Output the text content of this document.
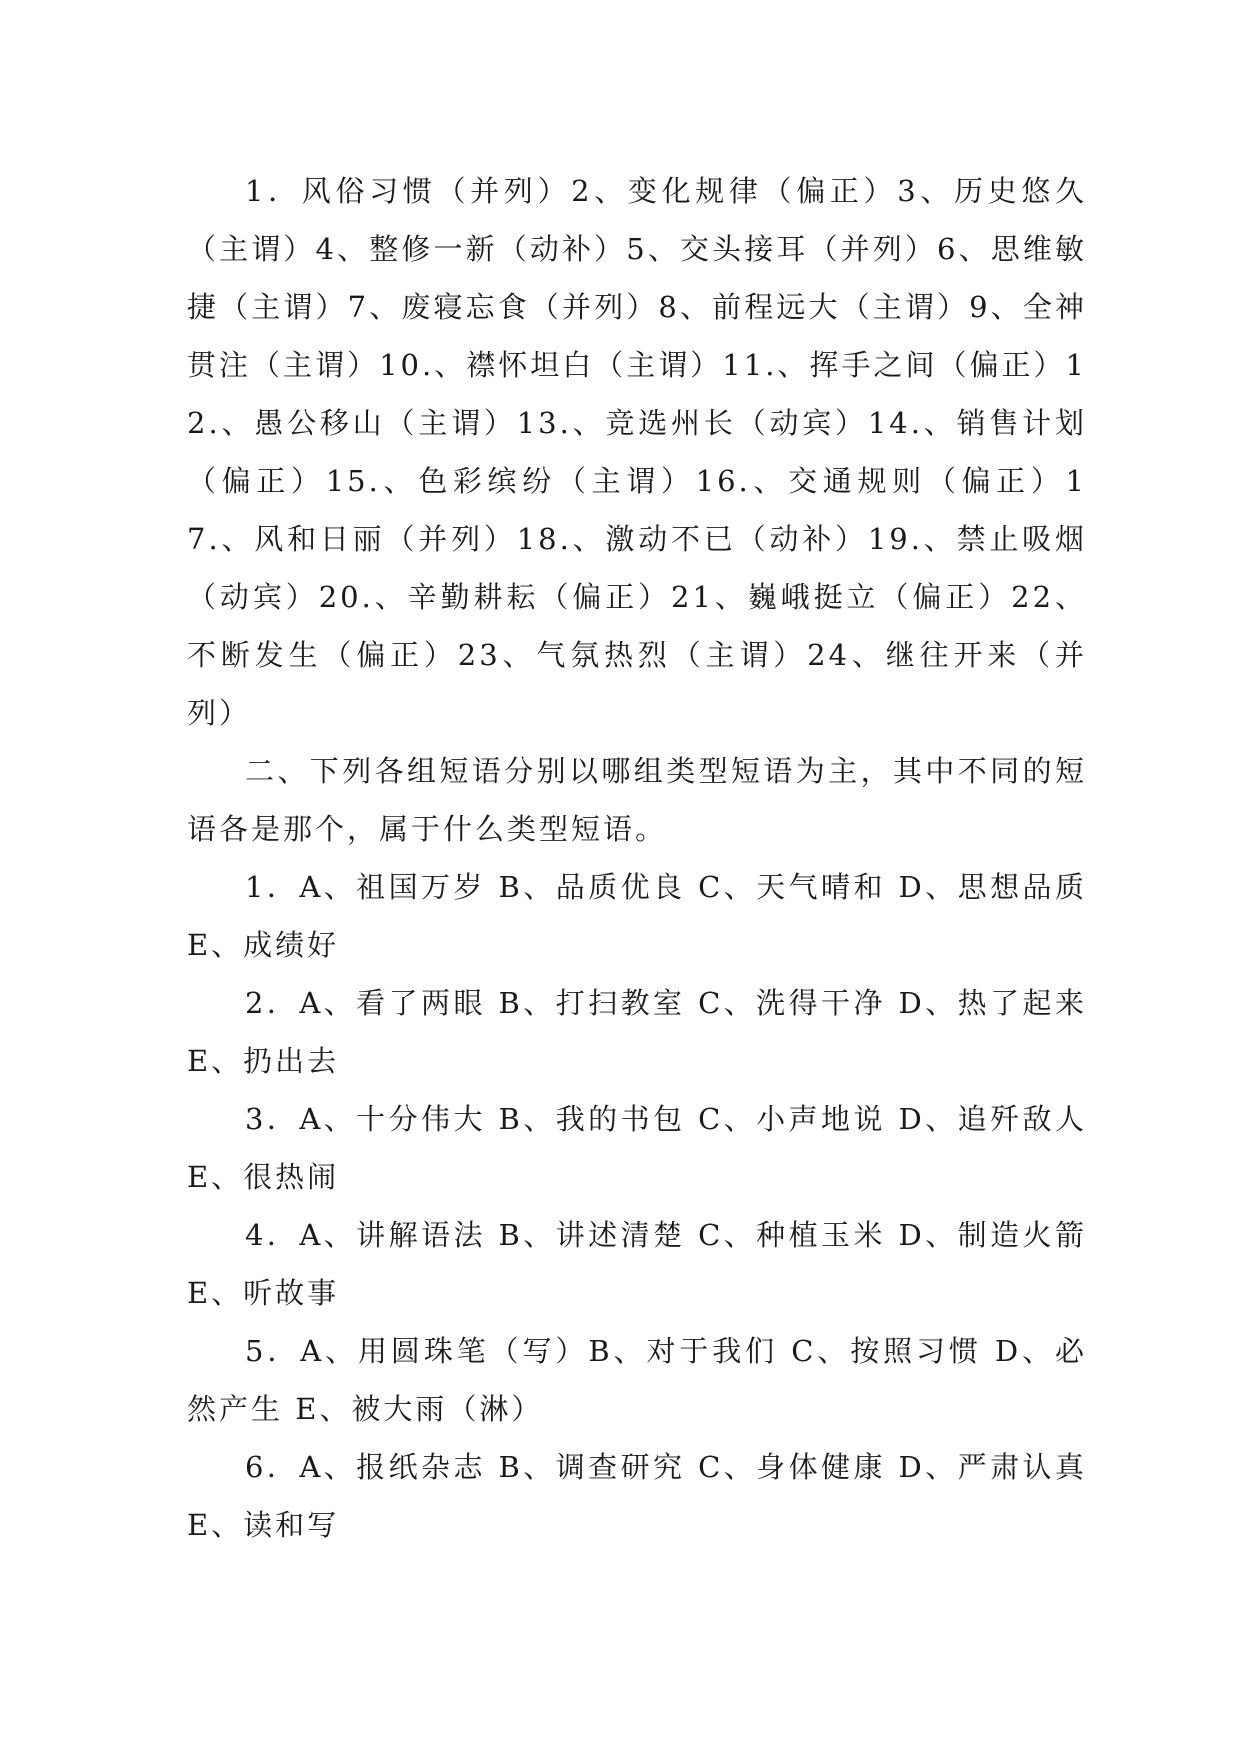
1．风俗习惯（并列）2、变化规律（偏正）3、历史悠久（主谓）4、整修一新（动补）5、交头接耳（并列）6、思维敏捷（主谓）7、废寝忘食（并列）8、前程远大（主谓）9、全神贯注（主谓）10.、襟怀坦白（主谓）11.、挥手之间（偏正）12.、愚公移山（主谓）13.、竞选州长（动宾）14.、销售计划（偏正）15.、色彩缤纷（主谓）16.、交通规则（偏正）17.、风和日丽（并列）18.、激动不已（动补）19.、禁止吸烟（动宾）20.、辛勤耕耘（偏正）21、巍峨挺立（偏正）22、不断发生（偏正）23、气氛热烈（主谓）24、继往开来（并列）

二、下列各组短语分别以哪组类型短语为主，其中不同的短语各是那个，属于什么类型短语。

1．A、祖国万岁 B、品质优良 C、天气晴和 D、思想品质 E、成绩好

2．A、看了两眼 B、打扫教室 C、洗得干净 D、热了起来 E、扔出去

3．A、十分伟大 B、我的书包 C、小声地说 D、追歼敌人 E、很热闹

4．A、讲解语法 B、讲述清楚 C、种植玉米 D、制造火箭 E、听故事

5．A、用圆珠笔（写）B、对于我们 C、按照习惯 D、必然产生 E、被大雨（淋）

6．A、报纸杂志 B、调查研究 C、身体健康 D、严肃认真 E、读和写
